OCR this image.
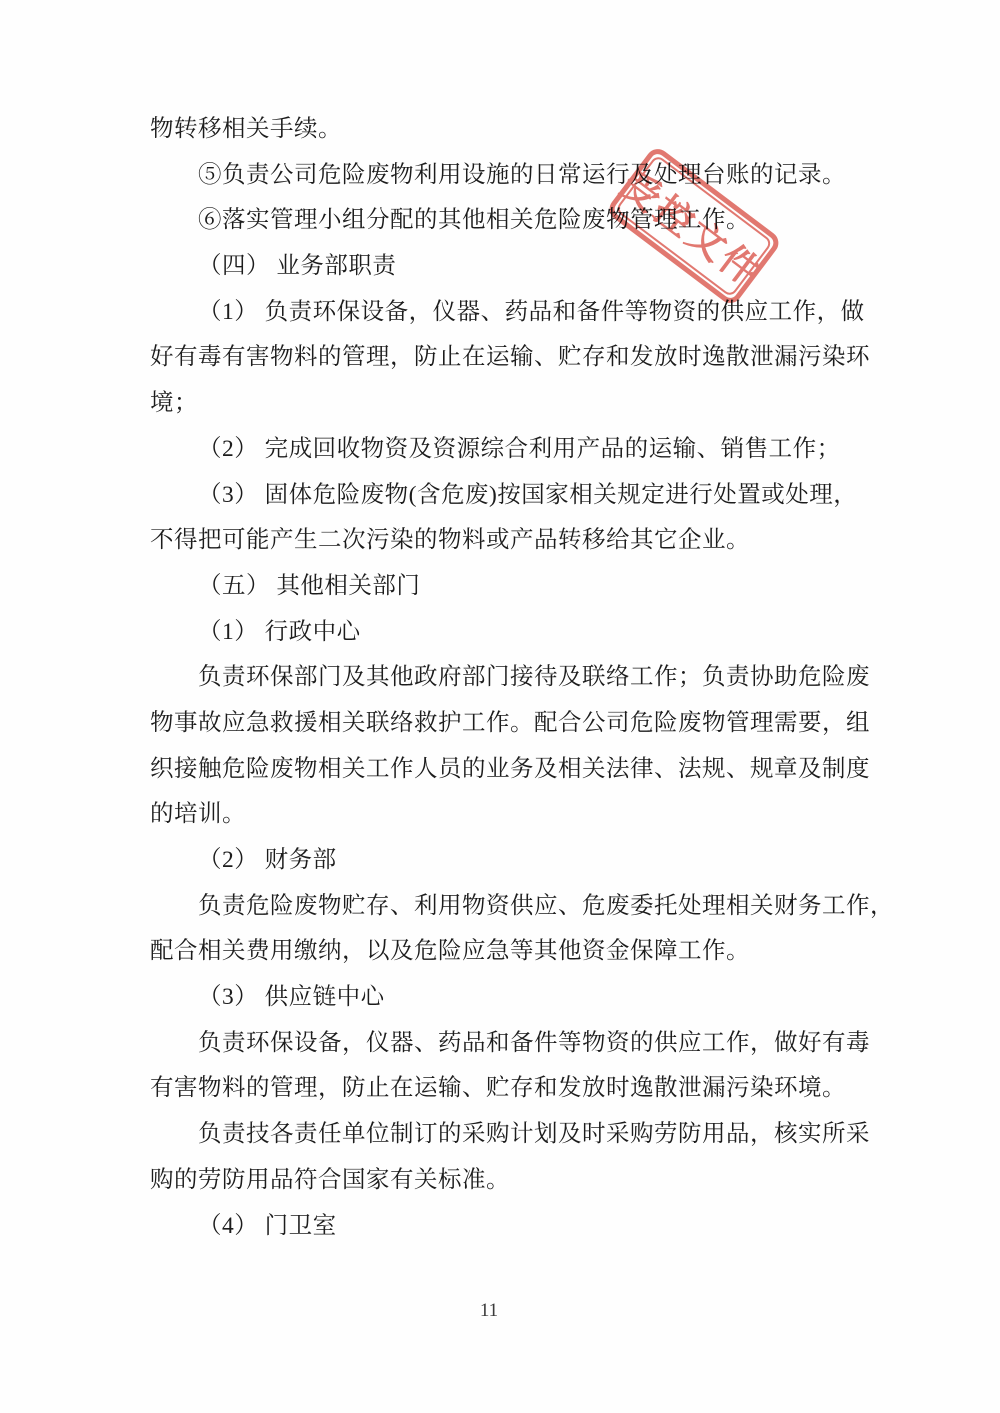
物转移相关手续。
⑤负责公司危险废物利用设施的日常运行及处理台账的记录。
⑥落实管理小组分配的其他相关危险废物管理工作。
（四） 业务部职责
（1） 负责环保设备，仪器、药品和备件等物资的供应工作，做
好有毒有害物料的管理，防止在运输、贮存和发放时逸散泄漏污染环
境；
（2） 完成回收物资及资源综合利用产品的运输、销售工作；
（3） 固体危险废物(含危废)按国家相关规定进行处置或处理，
不得把可能产生二次污染的物料或产品转移给其它企业。
（五） 其他相关部门
（1） 行政中心
负责环保部门及其他政府部门接待及联络工作；负责协助危险废
物事故应急救援相关联络救护工作。配合公司危险废物管理需要，组
织接触危险废物相关工作人员的业务及相关法律、法规、规章及制度
的培训。
（2） 财务部
负责危险废物贮存、利用物资供应、危废委托处理相关财务工作，
配合相关费用缴纳，以及危险应急等其他资金保障工作。
（3） 供应链中心
负责环保设备，仪器、药品和备件等物资的供应工作，做好有毒
有害物料的管理，防止在运输、贮存和发放时逸散泄漏污染环境。
负责技各责任单位制订的采购计划及时采购劳防用品，核实所采
购的劳防用品符合国家有关标准。
（4） 门卫室
受控文件
11
